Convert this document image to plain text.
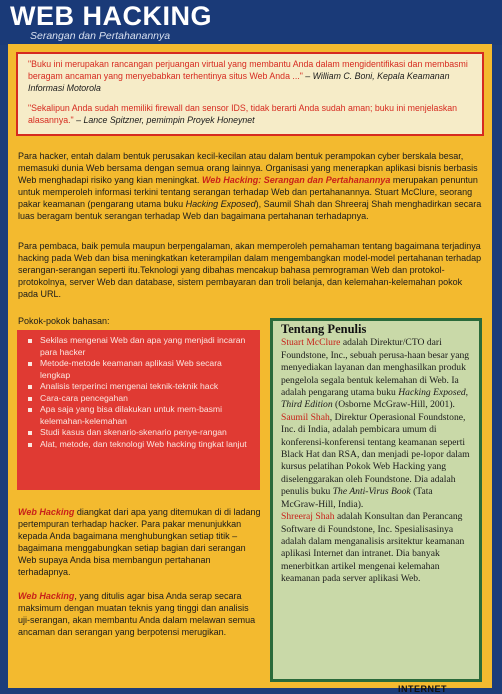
WEB HACKING
Serangan dan Pertahanannya

"Buku ini merupakan rancangan perjuangan virtual yang membantu Anda dalam mengidentifikasi dan membasmi beragam ancaman yang menyebabkan terhentinya situs Web Anda ..." – William C. Boni, Kepala Keamanan Informasi Motorola

"Sekalipun Anda sudah memiliki firewall dan sensor IDS, tidak berarti Anda sudah aman; buku ini menjelaskan alasannya." – Lance Spitzner, pemimpin Proyek Honeynet

Para hacker, entah dalam bentuk perusakan kecil-kecilan atau dalam bentuk perampokan cyber berskala besar, memasuki dunia Web bersama dengan semua orang lainnya. Organisasi yang menerapkan aplikasi bisnis berbasis Web menghadapi risiko yang kian meningkat. Web Hacking: Serangan dan Pertahanannya merupakan penuntun untuk memperoleh informasi terkini tentang serangan terhadap Web dan pertahanannya. Stuart McClure, seorang pakar keamanan (pengarang utama buku Hacking Exposed), Saumil Shah dan Shreeraj Shah menghadirkan secara luas beragam bentuk serangan terhadap Web dan bagaimana pertahanan terhadapnya.

Para pembaca, baik pemula maupun berpengalaman, akan memperoleh pemahaman tentang bagaimana terjadinya hacking pada Web dan bisa meningkatkan keterampilan dalam mengembangkan model-model pertahanan terhadap serangan-serangan seperti itu.Teknologi yang dibahas mencakup bahasa pemrograman Web dan protokol-protokolnya, server Web dan database, sistem pembayaran dan troli belanja, dan kelemahan-kelemahan pokok pada URL.

Pokok-pokok bahasan:
Sekilas mengenai Web dan apa yang menjadi incaran para hacker
Metode-metode keamanan aplikasi Web secara lengkap
Analisis terperinci mengenai teknik-teknik hack
Cara-cara pencegahan
Apa saja yang bisa dilakukan untuk mem-basmi kelemahan-kelemahan
Studi kasus dan skenario-skenario penye-rangan
Alat, metode, dan teknologi Web hacking tingkat lanjut

Web Hacking diangkat dari apa yang ditemukan di di ladang pertempuran terhadap hacker. Para pakar menunjukkan kepada Anda bagaimana menghubungkan setiap titik – bagaimana menggabungkan setiap bagian dari serangan Web supaya Anda bisa membangun pertahanan terhadapnya.

Web Hacking, yang ditulis agar bisa Anda serap secara maksimum dengan muatan teknis yang tinggi dan analisis uji-serangan, akan membantu Anda dalam melawan semua ancaman dan serangan yang berpotensi merugikan.

Tentang Penulis

Stuart McClure adalah Direktur/CTO dari Foundstone, Inc., sebuah perusa-haan besar yang menyediakan layanan dan menghasilkan produk pengelola segala bentuk kelemahan di Web. Ia adalah pengarang utama buku Hacking Exposed, Third Edition (Osborne McGraw-Hill, 2001).

Saumil Shah, Direktur Operasional Foundstone, Inc. di India, adalah pembicara umum di konferensi-konferensi tentang keamanan seperti Black Hat dan RSA, dan menjadi pe-lopor dalam kursus pelatihan Pokok Web Hacking yang diselenggarakan oleh Foundstone. Dia adalah penulis buku The Anti-Virus Book (Tata McGraw-Hill, India).

Shreeraj Shah adalah Konsultan dan Perancang Software di Foundstone, Inc. Spesialisasinya adalah dalam menganalisis arsitektur keamanan aplikasi Internet dan intranet. Dia banyak menerbitkan artikel mengenai kelemahan keamanan pada server aplikasi Web.

INTERNET
